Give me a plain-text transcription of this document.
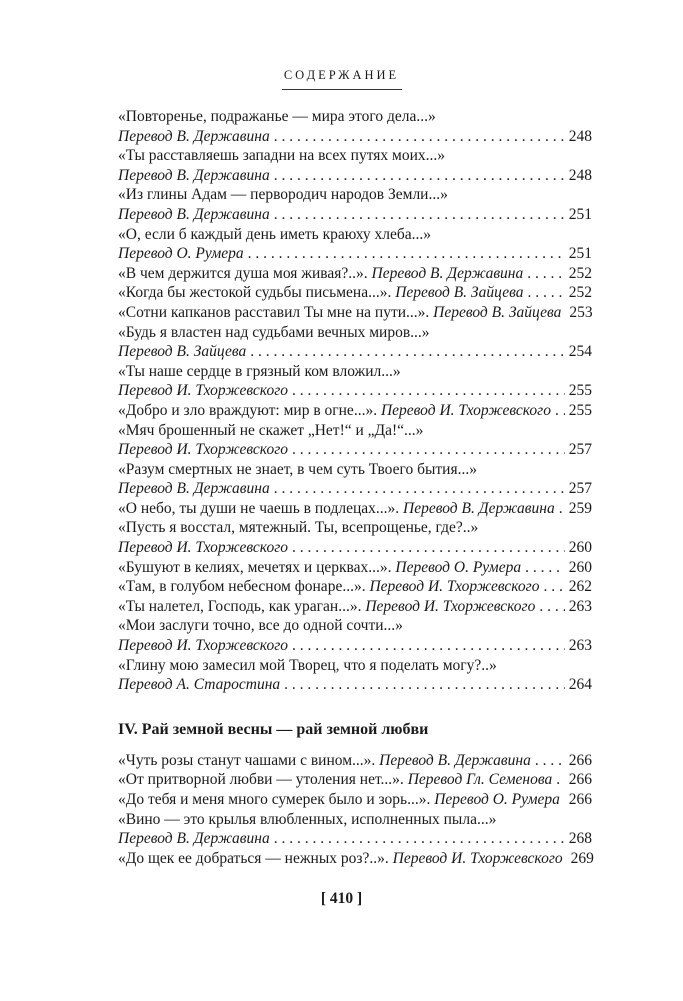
СОДЕРЖАНИЕ
«Повторенье, подражанье — мира этого дела...»
Перевод В. Державина . . .	248
«Ты расставляешь западни на всех путях моих...»
Перевод В. Державина . . .	248
«Из глины Адам — первородич народов Земли...»
Перевод В. Державина . . .	251
«О, если б каждый день иметь краюху хлеба...»
Перевод О. Румера . . .	251
«В чем держится душа моя живая?..». Перевод В. Державина . . .	252
«Когда бы жестокой судьбы письмена...». Перевод В. Зайцева . . .	252
«Сотни капканов расставил Ты мне на пути...». Перевод В. Зайцева 253
«Будь я властен над судьбами вечных миров...»
Перевод В. Зайцева . . .	254
«Ты наше сердце в грязный ком вложил...»
Перевод И. Тхоржевского . . .	255
«Добро и зло враждуют: мир в огне...». Перевод И. Тхоржевского . . . 255
«Мяч брошенный не скажет „Нет!“ и „Да!“...»
Перевод И. Тхоржевского . . .	257
«Разум смертных не знает, в чем суть Твоего бытия...»
Перевод В. Державина . . .	257
«О небо, ты души не чаешь в подлецах...». Перевод В. Державина . . . 259
«Пусть я восстал, мятежный. Ты, всепрощенье, где?..»
Перевод И. Тхоржевского . . .	260
«Бушуют в келиях, мечетях и церквах...». Перевод О. Румера . . .	260
«Там, в голубом небесном фонаре...». Перевод И. Тхоржевского . . . 262
«Ты налетел, Господь, как ураган...». Перевод И. Тхоржевского . . . 263
«Мои заслуги точно, все до одной сочти...»
Перевод И. Тхоржевского . . .	263
«Глину мою замесил мой Творец, что я поделать могу?..»
Перевод А. Старостина . . .	264
IV. Рай земной весны — рай земной любви
«Чуть розы станут чашами с вином...». Перевод В. Державина . . . 266
«От притворной любви — утоления нет...». Перевод Гл. Семенова . . . 266
«До тебя и меня много сумерек было и зорь...». Перевод О. Румера . . . 266
«Вино — это крылья влюбленных, исполненных пыла...»
Перевод В. Державина . . .	268
«До щек ее добраться — нежных роз?..». Перевод И. Тхоржевского 269
[ 410 ]
